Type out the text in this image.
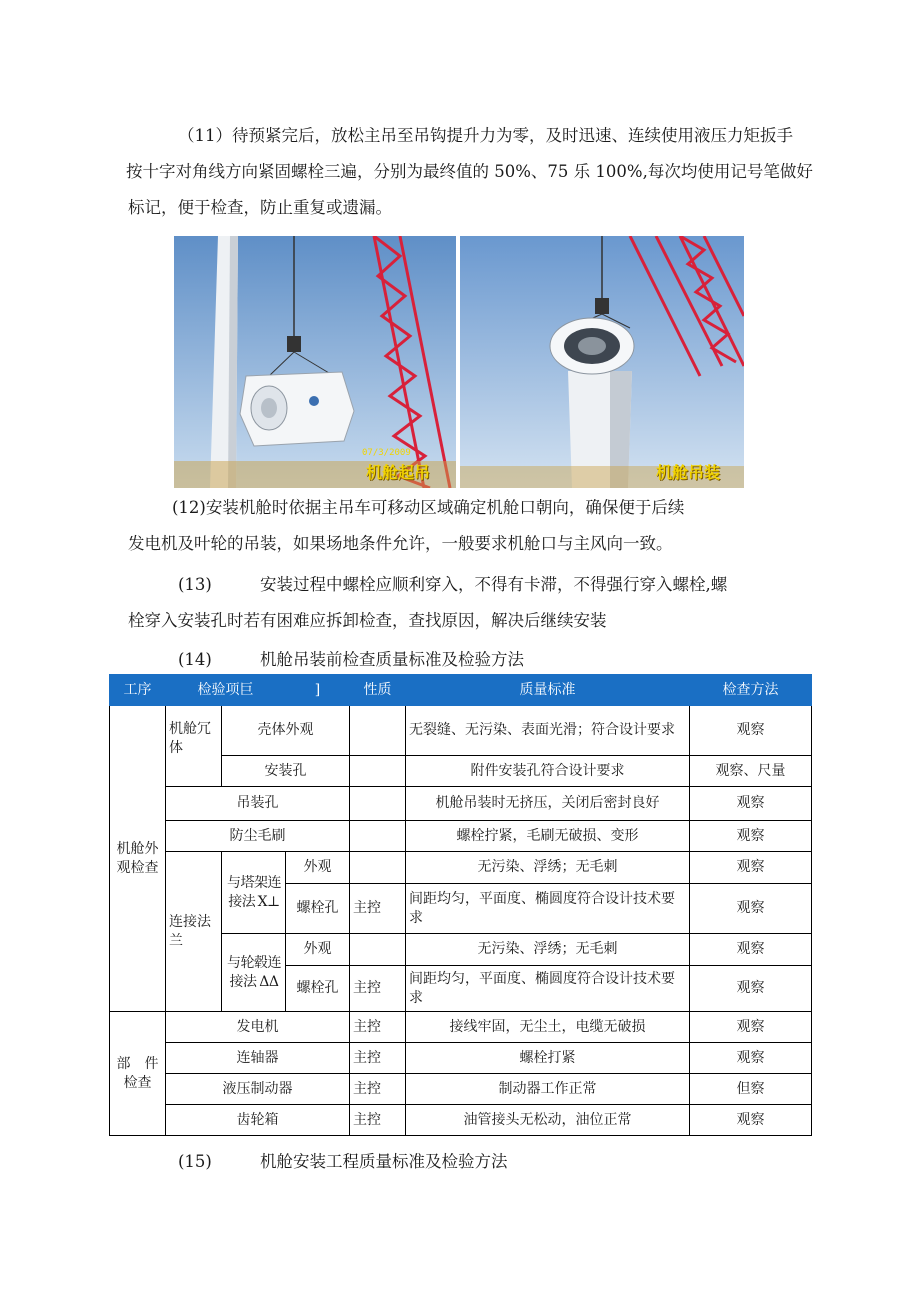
（11）待预紧完后，放松主吊至吊钩提升力为零，及时迅速、连续使用液压力矩扳手
按十字对角线方向紧固螺栓三遍，分别为最终值的 50%、75 乐 100%,每次均使用记号笔做好
标记，便于检查，防止重复或遗漏。
07/3/2009
机舱起吊	机舱吊装
(12)安装机舱时依据主吊车可移动区域确定机舱口朝向，确保便于后续
发电机及叶轮的吊装，如果场地条件允许，一般要求机舱口与主风向一致。
(13)	安装过程中螺栓应顺利穿入，不得有卡滞，不得强行穿入螺栓,螺
栓穿入安装孔时若有困难应拆卸检查，查找原因，解决后继续安装
(14)	机舱吊装前检查质量标准及检验方法
工序	检验项巨		]	性质	质量标准	检查方法
机舱外观检查	机舱冗体	壳体外观			无裂缝、无污染、表面光滑；符合设计要求	观察
		安装孔			附件安装孔符合设计要求	观察、尺量
	吊装孔				机舱吊装时无挤压，关闭后密封良好	观察
	防尘毛刷				螺栓拧紧，毛刷无破损、变形	观察
	连接法兰	与塔架连接法 X⊥	外观		无污染、浮绣；无毛刺	观察
			螺栓孔	主控	间距均匀，平面度、椭圆度符合设计技术要求	观察
		与轮毂连接法 ΔΔ	外观		无污染、浮绣；无毛刺	观察
			螺栓孔	主控	间距均匀，平面度、椭圆度符合设计技术要求	观察
部　件检查	发电机			主控	接线牢固，无尘土，电缆无破损	观察
	连轴器			主控	螺栓打紧	观察
	液压制动器			主控	制动器工作正常	但察
	齿轮箱			主控	油管接头无松动，油位正常	观察
(15)	机舱安装工程质量标准及检验方法
